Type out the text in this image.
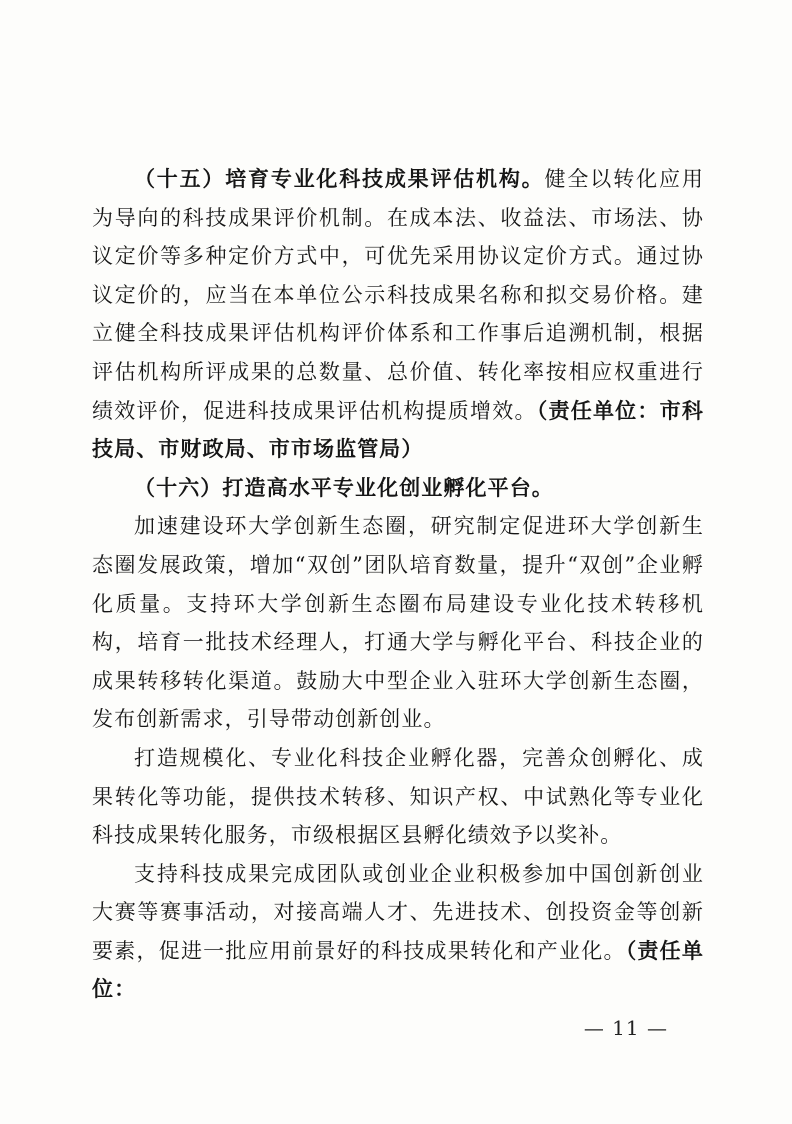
（十五）培育专业化科技成果评估机构。健全以转化应用为导向的科技成果评价机制。在成本法、收益法、市场法、协议定价等多种定价方式中，可优先采用协议定价方式。通过协议定价的，应当在本单位公示科技成果名称和拟交易价格。建立健全科技成果评估机构评价体系和工作事后追溯机制，根据评估机构所评成果的总数量、总价值、转化率按相应权重进行绩效评价，促进科技成果评估机构提质增效。（责任单位：市科技局、市财政局、市市场监管局）

（十六）打造高水平专业化创业孵化平台。

加速建设环大学创新生态圈，研究制定促进环大学创新生态圈发展政策，增加“双创”团队培育数量，提升“双创”企业孵化质量。支持环大学创新生态圈布局建设专业化技术转移机构，培育一批技术经理人，打通大学与孵化平台、科技企业的成果转移转化渠道。鼓励大中型企业入驻环大学创新生态圈，发布创新需求，引导带动创新创业。

打造规模化、专业化科技企业孵化器，完善众创孵化、成果转化等功能，提供技术转移、知识产权、中试熟化等专业化科技成果转化服务，市级根据区县孵化绩效予以奖补。

支持科技成果完成团队或创业企业积极参加中国创新创业大赛等赛事活动，对接高端人才、先进技术、创投资金等创新要素，促进一批应用前景好的科技成果转化和产业化。（责任单位：

— 11 —
